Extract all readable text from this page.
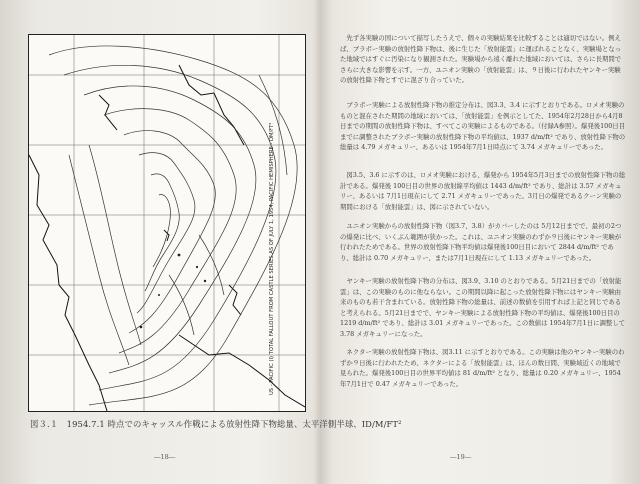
US - PACIFIC (I) TOTAL FALLOUT FROM CASTLE SERIES AS OF JULY 1, 1954, PACIFIC HEMISPHERE - DM/FT²
図３.１　1954.7.1 時点でのキャッスル作戦による放射性降下物総量、太平洋側半球、ID/M/FT²
―18―
先ず各実験の国について描写したうえで、個々の実験結果を比較することは適切ではない。例えば、ブラボー実験の放射性降下物は、後に生じた「放射能雲」に運ばれることなく、実験場となった地域ではすぐに汚染になり観測された。実験場から遠く離れた地域においては、さらに長期間でさらに大きな影響を示す。一方、ユニオン実験の「放射能雲」は、９日後に行われたヤンキー実験の放射性降下物とすでに混ざり合っていた。
ブラボー実験による放射性降下物の推定分布は、図3.3、3.4 に示すとおりである。ロメオ実験のものと混在された期間の地域においては、「放射能雲」を例示としてた、1954年2月28日から4月8日までの期間の放射性降下物は、すべてこの実験によるものである。（付録A参照）。爆発後100日目までに調整されたブラボー実験の放射性降下物の平均値は、1937 d/m/ft² であり、放射性降下物の総量は 4.79 メガキュリー、あるいは 1954年7月1日時点にて 3.74 メガキュリーであった。
図3.5、3.6 に示すのは、ロメオ実験における、爆発から 1954年5月3日までの放射性降下物の総計である。爆発後 100日目の世界の放射線平均値は 1443 d/m/ft² であり、総計は 3.57 メガキュリー、あるいは 7月1日現在にして 2.71 メガキュリーであった。3月日の爆発であるクーン実験の期間における「放射能雲」は、図に示されていない。
ユニオン実験からの放射性降下物（図3.7、3.8）がカバーしたのは 5月12日までで、最初の2つの爆発に比べ、いくぶん範囲が狭かった。これは、ユニオン実験のわずか９日後にヤンキー実験が行われたためである。世界の放射性降下物平均値は爆発後100日目において 2844 d/m/ft² であり、総計は 0.70 メガキュリー、または7月1日現在にして 1.13 メガキュリーであった。
ヤンキー実験の放射性降下物の分布は、図3.9、3.10 のとおりである。5月21日までの「放射能雲」は、この実験のものに他ならない。この期間以降に起こった放射性降下物にはヤンキー実験由来のものも若干含まれている。放射性降下物の総量は、前述の数値を引用すれば上記と同じであると考えられる。5月21日までで、ヤンキー実験による放射性降下物の平均値は、爆発後100日目の 1219 d/m/ft² であり、総計は 3.01 メガキュリーであった。この数値は 1954年7月1日に調整して 3.78 メガキュリーになった。
ネクター実験の放射性降下物は、図3.11 に示すとおりである。この実験は他のヤンキー実験のわずか９日後に行われたため、ネクターによる「放射能雲」は、ほんの数日間、実験域近くの地域で見られた。爆発後100日目の世界平均値は 81 d/m/ft² となり、総量は 0.20 メガキュリー、1954年7月1日で 0.47 メガキュリーであった。
―19―
